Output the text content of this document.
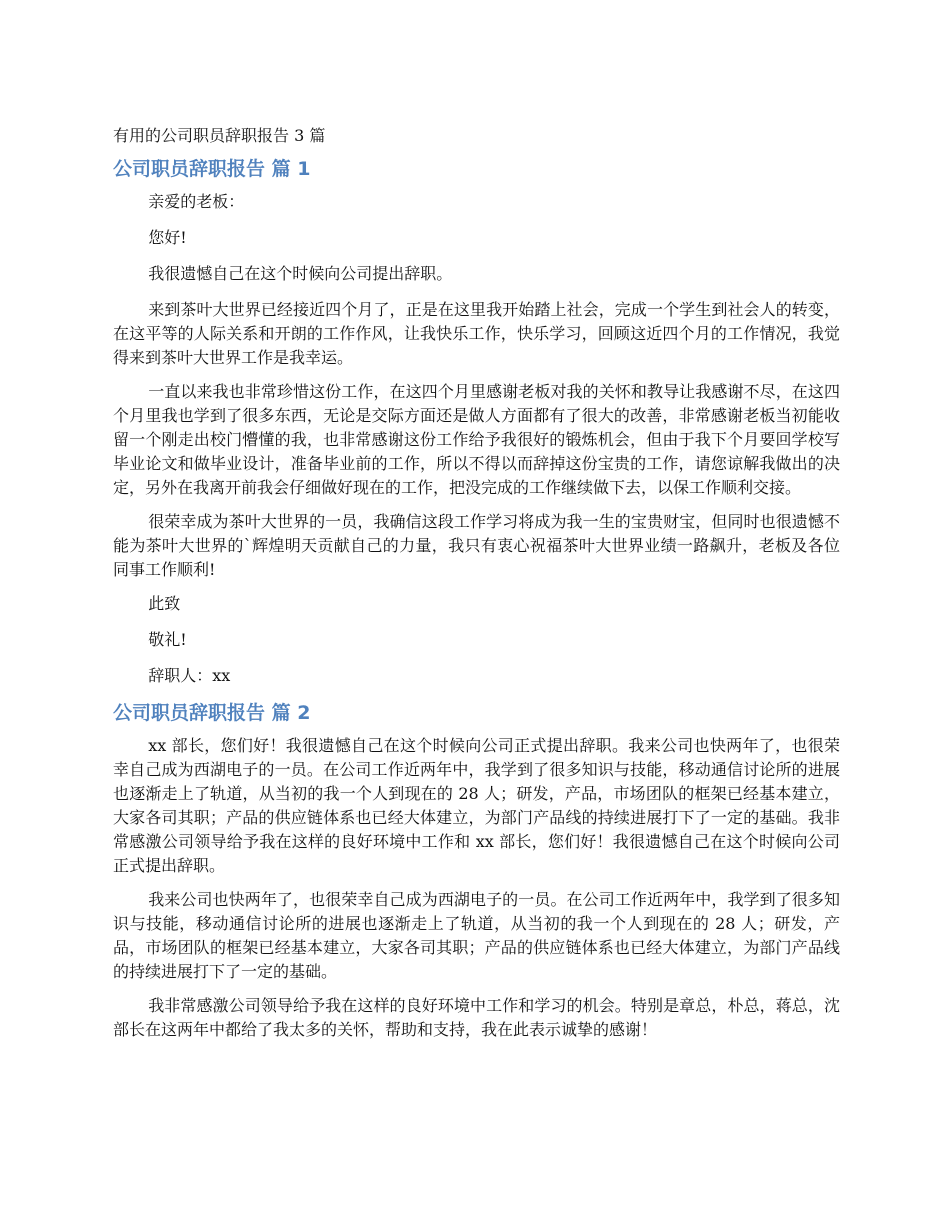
有用的公司职员辞职报告 3 篇
公司职员辞职报告 篇 1

亲爱的老板：

您好!

我很遗憾自己在这个时候向公司提出辞职。

来到茶叶大世界已经接近四个月了，正是在这里我开始踏上社会，完成一个学生到社会人的转变，在这平等的人际关系和开朗的工作作风，让我快乐工作，快乐学习，回顾这近四个月的工作情况，我觉得来到茶叶大世界工作是我幸运。

一直以来我也非常珍惜这份工作，在这四个月里感谢老板对我的关怀和教导让我感谢不尽，在这四个月里我也学到了很多东西，无论是交际方面还是做人方面都有了很大的改善，非常感谢老板当初能收留一个刚走出校门懵懂的我，也非常感谢这份工作给予我很好的锻炼机会，但由于我下个月要回学校写毕业论文和做毕业设计，准备毕业前的工作，所以不得以而辞掉这份宝贵的工作，请您谅解我做出的决定，另外在我离开前我会仔细做好现在的工作，把没完成的工作继续做下去，以保工作顺利交接。

很荣幸成为茶叶大世界的一员，我确信这段工作学习将成为我一生的宝贵财宝，但同时也很遗憾不能为茶叶大世界的`辉煌明天贡献自己的力量，我只有衷心祝福茶叶大世界业绩一路飙升，老板及各位同事工作顺利!

此致

敬礼!

辞职人：xx

公司职员辞职报告 篇 2

xx 部长，您们好！我很遗憾自己在这个时候向公司正式提出辞职。我来公司也快两年了，也很荣幸自己成为西湖电子的一员。在公司工作近两年中，我学到了很多知识与技能，移动通信讨论所的进展也逐渐走上了轨道，从当初的我一个人到现在的 28 人；研发，产品，市场团队的框架已经基本建立，大家各司其职；产品的供应链体系也已经大体建立，为部门产品线的持续进展打下了一定的基础。我非常感激公司领导给予我在这样的良好环境中工作和 xx 部长，您们好！我很遗憾自己在这个时候向公司正式提出辞职。

我来公司也快两年了，也很荣幸自己成为西湖电子的一员。在公司工作近两年中，我学到了很多知识与技能，移动通信讨论所的进展也逐渐走上了轨道，从当初的我一个人到现在的 28 人；研发，产品，市场团队的框架已经基本建立，大家各司其职；产品的供应链体系也已经大体建立，为部门产品线的持续进展打下了一定的基础。

我非常感激公司领导给予我在这样的良好环境中工作和学习的机会。特别是章总，朴总，蒋总，沈部长在这两年中都给了我太多的关怀，帮助和支持，我在此表示诚挚的感谢！
